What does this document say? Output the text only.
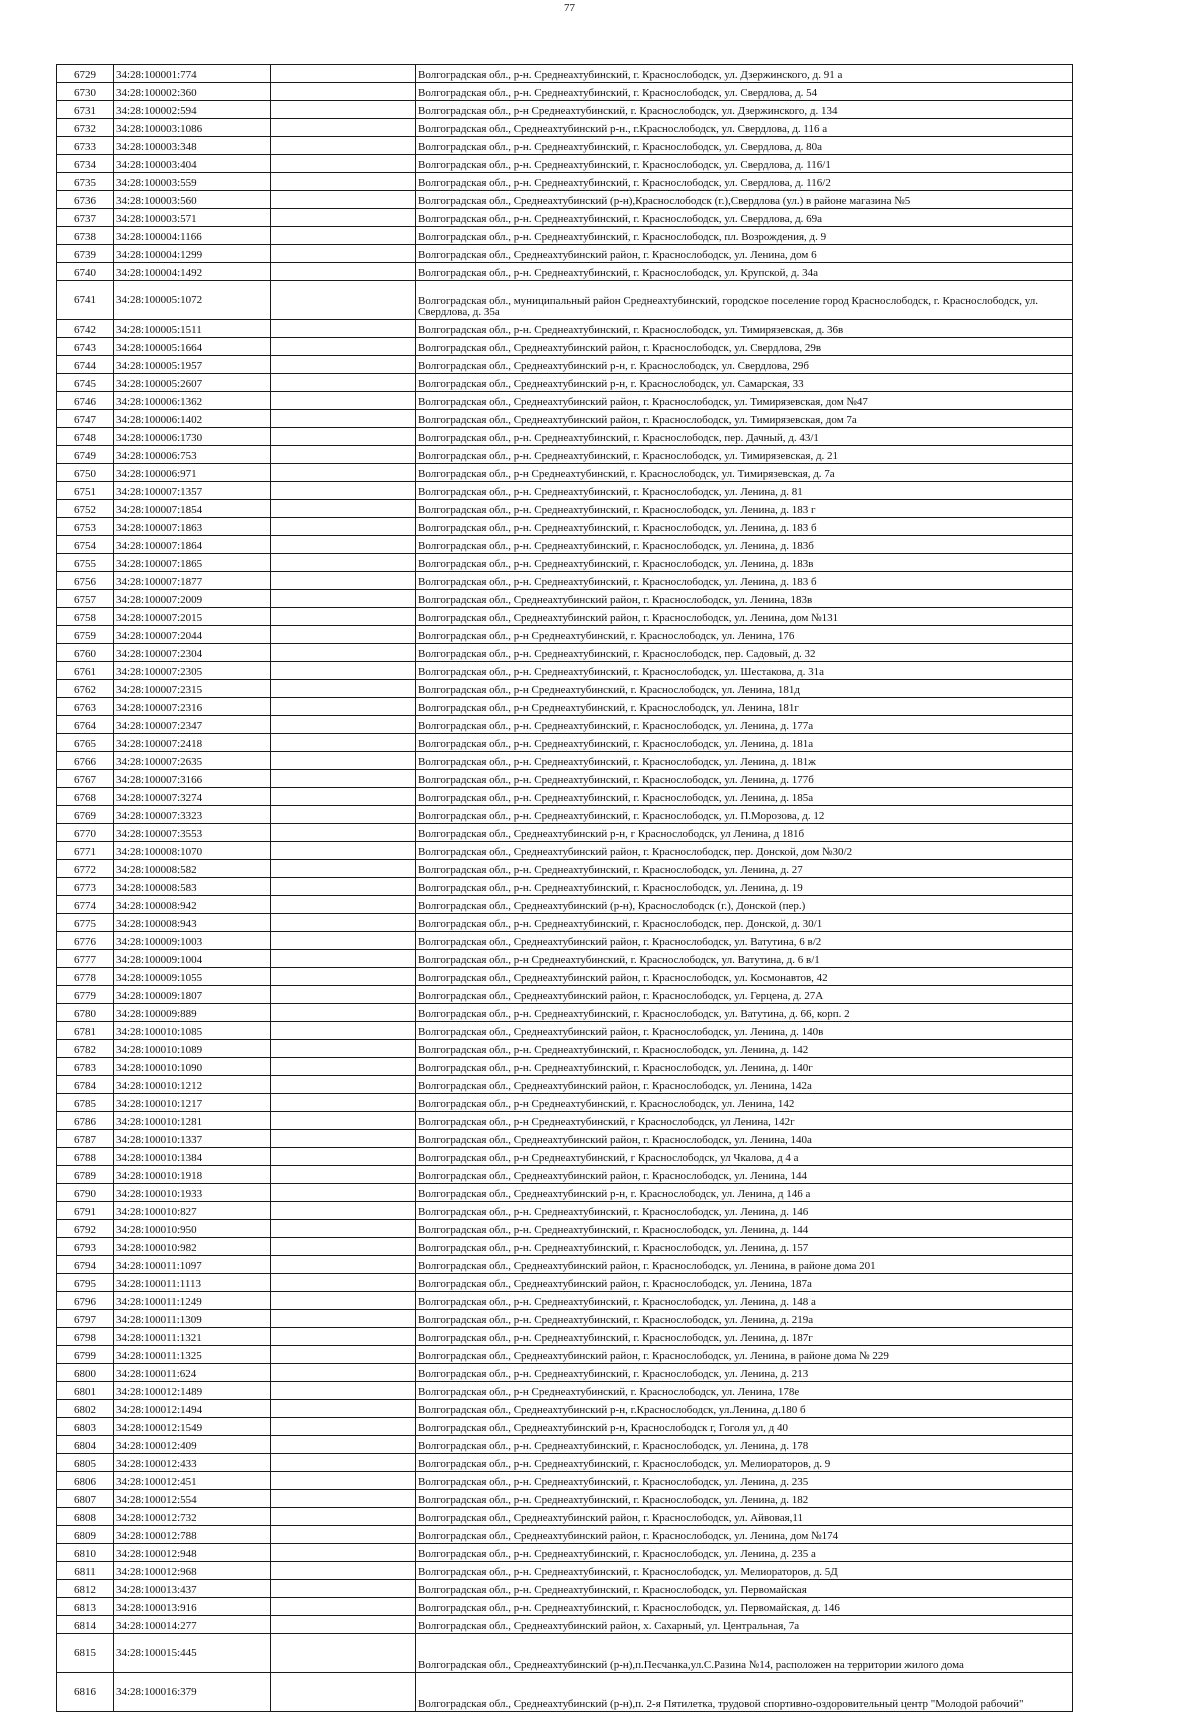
77
6729	34:28:100001:774		Волгоградская обл., р-н. Среднеахтубинский, г. Краснослободск, ул. Дзержинского, д. 91 а
6730	34:28:100002:360		Волгоградская обл., р-н. Среднеахтубинский, г. Краснослободск, ул. Свердлова, д. 54
6731	34:28:100002:594		Волгоградская обл., р-н Среднеахтубинский, г. Краснослободск, ул. Дзержинского, д. 134
6732	34:28:100003:1086		Волгоградская обл., Среднеахтубинский р-н., г.Краснослободск, ул. Свердлова, д. 116 а
6733	34:28:100003:348		Волгоградская обл., р-н. Среднеахтубинский, г. Краснослободск, ул. Свердлова, д. 80а
6734	34:28:100003:404		Волгоградская обл., р-н. Среднеахтубинский, г. Краснослободск, ул. Свердлова, д. 116/1
6735	34:28:100003:559		Волгоградская обл., р-н. Среднеахтубинский, г. Краснослободск, ул. Свердлова, д. 116/2
6736	34:28:100003:560		Волгоградская обл., Среднеахтубинский (р-н),Краснослободск (г.),Свердлова (ул.) в районе магазина №5
6737	34:28:100003:571		Волгоградская обл., р-н. Среднеахтубинский, г. Краснослободск, ул. Свердлова, д. 69а
6738	34:28:100004:1166		Волгоградская обл., р-н. Среднеахтубинский, г. Краснослободск, пл. Возрождения, д. 9
6739	34:28:100004:1299		Волгоградская обл., Среднеахтубинский район, г. Краснослободск, ул. Ленина, дом 6
6740	34:28:100004:1492		Волгоградская обл., р-н. Среднеахтубинский, г. Краснослободск, ул. Крупской, д. 34а
6741	34:28:100005:1072		Волгоградская обл., муниципальный район Среднеахтубинский, городское поселение город Краснослободск, г. Краснослободск, ул. Свердлова, д. 35а
6742	34:28:100005:1511		Волгоградская обл., р-н. Среднеахтубинский, г. Краснослободск, ул. Тимирязевская, д. 36в
6743	34:28:100005:1664		Волгоградская обл., Среднеахтубинский район, г. Краснослободск, ул. Свердлова, 29в
6744	34:28:100005:1957		Волгоградская обл., Среднеахтубинский р-н, г. Краснослободск, ул. Свердлова, 29б
6745	34:28:100005:2607		Волгоградская обл., Среднеахтубинский р-н, г. Краснослободск, ул. Самарская, 33
6746	34:28:100006:1362		Волгоградская обл., Среднеахтубинский район, г. Краснослободск, ул. Тимирязевская, дом №47
6747	34:28:100006:1402		Волгоградская обл., Среднеахтубинский район, г. Краснослободск, ул. Тимирязевская, дом 7а
6748	34:28:100006:1730		Волгоградская обл., р-н. Среднеахтубинский, г. Краснослободск, пер. Дачный, д. 43/1
6749	34:28:100006:753		Волгоградская обл., р-н. Среднеахтубинский, г. Краснослободск, ул. Тимирязевская, д. 21
6750	34:28:100006:971		Волгоградская обл., р-н Среднеахтубинский, г. Краснослободск, ул. Тимирязевская, д. 7а
6751	34:28:100007:1357		Волгоградская обл., р-н. Среднеахтубинский, г. Краснослободск, ул. Ленина, д. 81
6752	34:28:100007:1854		Волгоградская обл., р-н. Среднеахтубинский, г. Краснослободск, ул. Ленина, д. 183 г
6753	34:28:100007:1863		Волгоградская обл., р-н. Среднеахтубинский, г. Краснослободск, ул. Ленина, д. 183 б
6754	34:28:100007:1864		Волгоградская обл., р-н. Среднеахтубинский, г. Краснослободск, ул. Ленина, д. 183б
6755	34:28:100007:1865		Волгоградская обл., р-н. Среднеахтубинский, г. Краснослободск, ул. Ленина, д. 183в
6756	34:28:100007:1877		Волгоградская обл., р-н. Среднеахтубинский, г. Краснослободск, ул. Ленина, д. 183 б
6757	34:28:100007:2009		Волгоградская обл., Среднеахтубинский район, г. Краснослободск, ул. Ленина, 183в
6758	34:28:100007:2015		Волгоградская обл., Среднеахтубинский район, г. Краснослободск, ул. Ленина, дом №131
6759	34:28:100007:2044		Волгоградская обл., р-н Среднеахтубинский, г. Краснослободск, ул. Ленина, 176
6760	34:28:100007:2304		Волгоградская обл., р-н. Среднеахтубинский, г. Краснослободск, пер. Садовый, д. 32
6761	34:28:100007:2305		Волгоградская обл., р-н. Среднеахтубинский, г. Краснослободск, ул. Шестакова, д. 31а
6762	34:28:100007:2315		Волгоградская обл., р-н Среднеахтубинский, г. Краснослободск, ул. Ленина, 181д
6763	34:28:100007:2316		Волгоградская обл., р-н Среднеахтубинский, г. Краснослободск, ул. Ленина, 181г
6764	34:28:100007:2347		Волгоградская обл., р-н. Среднеахтубинский, г. Краснослободск, ул. Ленина, д. 177а
6765	34:28:100007:2418		Волгоградская обл., р-н. Среднеахтубинский, г. Краснослободск, ул. Ленина, д. 181а
6766	34:28:100007:2635		Волгоградская обл., р-н. Среднеахтубинский, г. Краснослободск, ул. Ленина, д. 181ж
6767	34:28:100007:3166		Волгоградская обл., р-н. Среднеахтубинский, г. Краснослободск, ул. Ленина, д. 177б
6768	34:28:100007:3274		Волгоградская обл., р-н. Среднеахтубинский, г. Краснослободск, ул. Ленина, д. 185а
6769	34:28:100007:3323		Волгоградская обл., р-н. Среднеахтубинский, г. Краснослободск, ул. П.Морозова, д. 12
6770	34:28:100007:3553		Волгоградская обл., Среднеахтубинский р-н, г Краснослободск, ул Ленина, д 181б
6771	34:28:100008:1070		Волгоградская обл., Среднеахтубинский район, г. Краснослободск, пер. Донской, дом №30/2
6772	34:28:100008:582		Волгоградская обл., р-н. Среднеахтубинский, г. Краснослободск, ул. Ленина, д. 27
6773	34:28:100008:583		Волгоградская обл., р-н. Среднеахтубинский, г. Краснослободск, ул. Ленина, д. 19
6774	34:28:100008:942		Волгоградская обл., Среднеахтубинский (р-н), Краснослободск (г.), Донской (пер.)
6775	34:28:100008:943		Волгоградская обл., р-н. Среднеахтубинский, г. Краснослободск, пер. Донской, д. 30/1
6776	34:28:100009:1003		Волгоградская обл., Среднеахтубинский район, г. Краснослободск, ул. Ватутина, 6 в/2
6777	34:28:100009:1004		Волгоградская обл., р-н Среднеахтубинский, г. Краснослободск, ул. Ватутина, д. 6 в/1
6778	34:28:100009:1055		Волгоградская обл., Среднеахтубинский район, г. Краснослободск, ул. Космонавтов, 42
6779	34:28:100009:1807		Волгоградская обл., Среднеахтубинский район, г. Краснослободск, ул. Герцена, д. 27А
6780	34:28:100009:889		Волгоградская обл., р-н. Среднеахтубинский, г. Краснослободск, ул. Ватутина, д. 66, корп. 2
6781	34:28:100010:1085		Волгоградская обл., Среднеахтубинский район, г. Краснослободск, ул. Ленина, д. 140в
6782	34:28:100010:1089		Волгоградская обл., р-н. Среднеахтубинский, г. Краснослободск, ул. Ленина, д. 142
6783	34:28:100010:1090		Волгоградская обл., р-н. Среднеахтубинский, г. Краснослободск, ул. Ленина, д. 140г
6784	34:28:100010:1212		Волгоградская обл., Среднеахтубинский район, г. Краснослободск, ул. Ленина, 142а
6785	34:28:100010:1217		Волгоградская обл., р-н Среднеахтубинский, г. Краснослободск, ул. Ленина, 142
6786	34:28:100010:1281		Волгоградская обл., р-н Среднеахтубинский, г Краснослободск, ул Ленина, 142г
6787	34:28:100010:1337		Волгоградская обл., Среднеахтубинский район, г. Краснослободск, ул. Ленина, 140а
6788	34:28:100010:1384		Волгоградская обл., р-н Среднеахтубинский, г Краснослободск, ул Чкалова, д 4 а
6789	34:28:100010:1918		Волгоградская обл., Среднеахтубинский район, г. Краснослободск, ул. Ленина, 144
6790	34:28:100010:1933		Волгоградская обл., Среднеахтубинский р-н, г. Краснослободск, ул. Ленина, д 146 а
6791	34:28:100010:827		Волгоградская обл., р-н. Среднеахтубинский, г. Краснослободск, ул. Ленина, д. 146
6792	34:28:100010:950		Волгоградская обл., р-н. Среднеахтубинский, г. Краснослободск, ул. Ленина, д. 144
6793	34:28:100010:982		Волгоградская обл., р-н. Среднеахтубинский, г. Краснослободск, ул. Ленина, д. 157
6794	34:28:100011:1097		Волгоградская обл., Среднеахтубинский район, г. Краснослободск, ул. Ленина, в районе дома 201
6795	34:28:100011:1113		Волгоградская обл., Среднеахтубинский район, г. Краснослободск, ул. Ленина, 187а
6796	34:28:100011:1249		Волгоградская обл., р-н. Среднеахтубинский, г. Краснослободск, ул. Ленина, д. 148 а
6797	34:28:100011:1309		Волгоградская обл., р-н. Среднеахтубинский, г. Краснослободск, ул. Ленина, д. 219а
6798	34:28:100011:1321		Волгоградская обл., р-н. Среднеахтубинский, г. Краснослободск, ул. Ленина, д. 187г
6799	34:28:100011:1325		Волгоградская обл., Среднеахтубинский район, г. Краснослободск, ул. Ленина, в районе дома № 229
6800	34:28:100011:624		Волгоградская обл., р-н. Среднеахтубинский, г. Краснослободск, ул. Ленина, д. 213
6801	34:28:100012:1489		Волгоградская обл., р-н Среднеахтубинский, г. Краснослободск, ул. Ленина, 178е
6802	34:28:100012:1494		Волгоградская обл., Среднеахтубинский р-н, г.Краснослободск, ул.Ленина, д.180 б
6803	34:28:100012:1549		Волгоградская обл., Среднеахтубинский р-н, Краснослободск г, Гоголя ул, д 40
6804	34:28:100012:409		Волгоградская обл., р-н. Среднеахтубинский, г. Краснослободск, ул. Ленина, д. 178
6805	34:28:100012:433		Волгоградская обл., р-н. Среднеахтубинский, г. Краснослободск, ул. Мелиораторов, д. 9
6806	34:28:100012:451		Волгоградская обл., р-н. Среднеахтубинский, г. Краснослободск, ул. Ленина, д. 235
6807	34:28:100012:554		Волгоградская обл., р-н. Среднеахтубинский, г. Краснослободск, ул. Ленина, д. 182
6808	34:28:100012:732		Волгоградская обл., Среднеахтубинский район, г. Краснослободск, ул. Айвовая,11
6809	34:28:100012:788		Волгоградская обл., Среднеахтубинский район, г. Краснослободск, ул. Ленина, дом №174
6810	34:28:100012:948		Волгоградская обл., р-н. Среднеахтубинский, г. Краснослободск, ул. Ленина, д. 235 а
6811	34:28:100012:968		Волгоградская обл., р-н. Среднеахтубинский, г. Краснослободск, ул. Мелиораторов, д. 5Д
6812	34:28:100013:437		Волгоградская обл., р-н. Среднеахтубинский, г. Краснослободск, ул. Первомайская
6813	34:28:100013:916		Волгоградская обл., р-н. Среднеахтубинский, г. Краснослободск, ул. Первомайская, д. 146
6814	34:28:100014:277		Волгоградская обл., Среднеахтубинский район, х. Сахарный, ул. Центральная, 7а
6815	34:28:100015:445		Волгоградская обл., Среднеахтубинский (р-н),п.Песчанка,ул.С.Разина №14, расположен на территории жилого дома
6816	34:28:100016:379		Волгоградская обл., Среднеахтубинский (р-н),п. 2-я Пятилетка, трудовой спортивно-оздоровительный центр "Молодой рабочий"
